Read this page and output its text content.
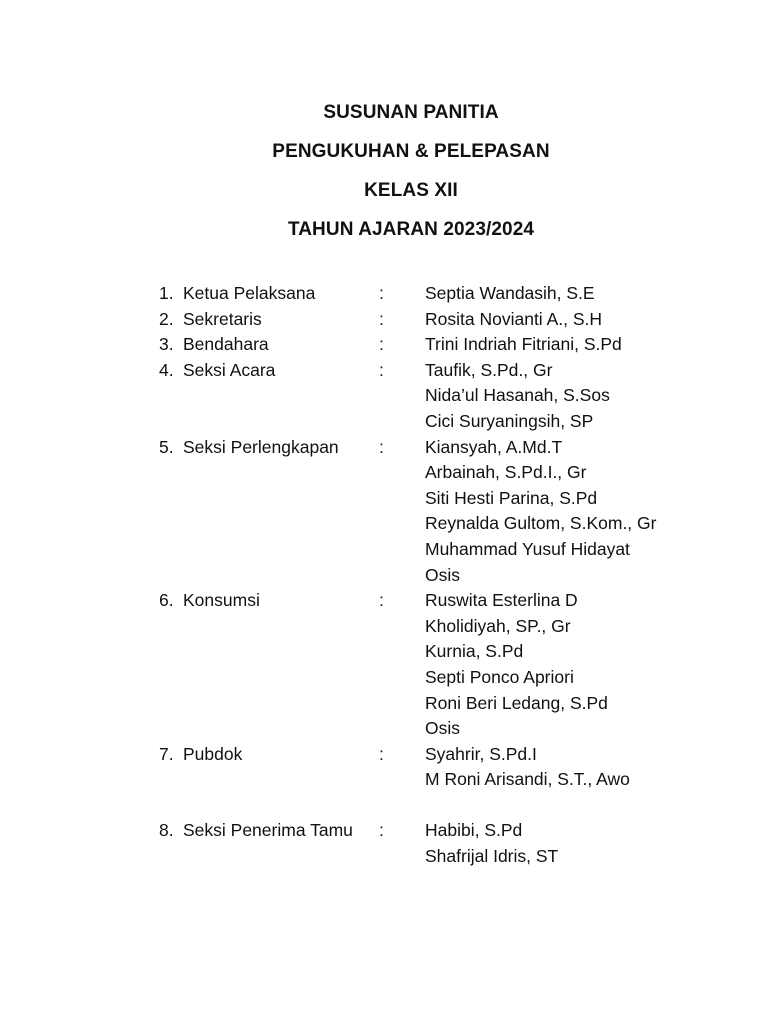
SUSUNAN PANITIA
PENGUKUHAN & PELEPASAN
KELAS XII
TAHUN AJARAN 2023/2024
1. Ketua Pelaksana	: Septia Wandasih, S.E
2. Sekretaris	: Rosita Novianti A., S.H
3. Bendahara	: Trini Indriah Fitriani, S.Pd
4. Seksi Acara	: Taufik, S.Pd., Gr
Nida’ul Hasanah, S.Sos
Cici Suryaningsih, SP
5. Seksi Perlengkapan : Kiansyah, A.Md.T
Arbainah, S.Pd.I., Gr
Siti Hesti Parina, S.Pd
Reynalda Gultom, S.Kom., Gr
Muhammad Yusuf Hidayat
Osis
6. Konsumsi	: Ruswita Esterlina D
Kholidiyah, SP., Gr
Kurnia, S.Pd
Septi Ponco Apriori
Roni Beri Ledang, S.Pd
Osis
7. Pubdok	: Syahrir, S.Pd.I
M Roni Arisandi, S.T., Awo
8. Seksi Penerima Tamu : Habibi, S.Pd
Shafrijal Idris, ST
